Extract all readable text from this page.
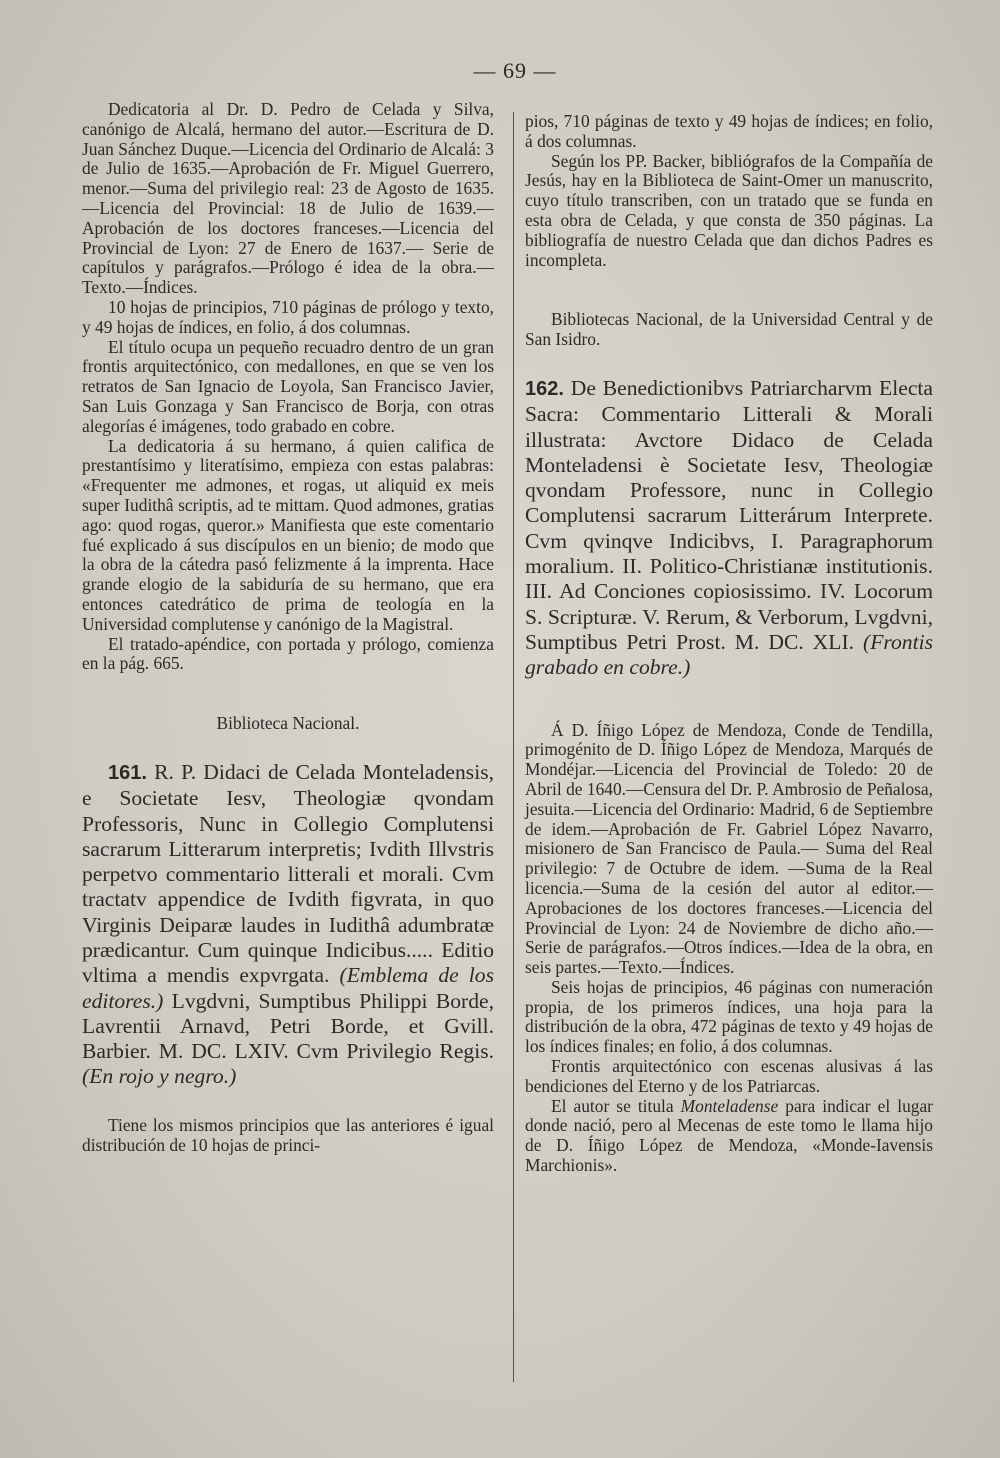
— 69 —

Dedicatoria al Dr. D. Pedro de Celada y Silva, canónigo de Alcalá, hermano del autor.—Escritura de D. Juan Sánchez Duque.—Licencia del Ordinario de Alcalá: 3 de Julio de 1635.—Aprobación de Fr. Miguel Guerrero, menor.—Suma del privilegio real: 23 de Agosto de 1635.—Licencia del Provincial: 18 de Julio de 1639.— Aprobación de los doctores franceses.—Licencia del Provincial de Lyon: 27 de Enero de 1637.— Serie de capítulos y parágrafos.—Prólogo é idea de la obra.—Texto.—Índices.

10 hojas de principios, 710 páginas de prólogo y texto, y 49 hojas de índices, en folio, á dos columnas.

El título ocupa un pequeño recuadro dentro de un gran frontis arquitectónico, con medallones, en que se ven los retratos de San Ignacio de Loyola, San Francisco Javier, San Luis Gonzaga y San Francisco de Borja, con otras alegorías é imágenes, todo grabado en cobre.

La dedicatoria á su hermano, á quien califica de prestantísimo y literatísimo, empieza con estas palabras: «Frequenter me admones, et rogas, ut aliquid ex meis super Iudithâ scriptis, ad te mittam. Quod admones, gratias ago: quod rogas, queror.» Manifiesta que este comentario fué explicado á sus discípulos en un bienio; de modo que la obra de la cátedra pasó felizmente á la imprenta. Hace grande elogio de la sabiduría de su hermano, que era entonces catedrático de prima de teología en la Universidad complutense y canónigo de la Magistral.

El tratado-apéndice, con portada y prólogo, comienza en la pág. 665.

Biblioteca Nacional.

161. R. P. Didaci de Celada Monteladensis, e Societate Iesv, Theologiæ qvondam Professoris, Nunc in Collegio Complutensi sacrarum Litterarum interpretis; Ivdith Illvstris perpetvo commentario litterali et morali. Cvm tractatv appendice de Ivdith figvrata, in quo Virginis Deiparæ laudes in Iudithâ adumbratæ prædicantur. Cum quinque Indicibus..... Editio vltima a mendis expvrgata. (Emblema de los editores.) Lvgdvni, Sumptibus Philippi Borde, Lavrentii Arnavd, Petri Borde, et Gvill. Barbier. M. DC. LXIV. Cvm Privilegio Regis. (En rojo y negro.)

Tiene los mismos principios que las anteriores é igual distribución de 10 hojas de princi-

pios, 710 páginas de texto y 49 hojas de índices; en folio, á dos columnas.

Según los PP. Backer, bibliógrafos de la Compañía de Jesús, hay en la Biblioteca de Saint-Omer un manuscrito, cuyo título transcriben, con un tratado que se funda en esta obra de Celada, y que consta de 350 páginas. La bibliografía de nuestro Celada que dan dichos Padres es incompleta.

Bibliotecas Nacional, de la Universidad Central y de San Isidro.

162. De Benedictionibvs Patriarcharvm Electa Sacra: Commentario Litterali & Morali illustrata: Avctore Didaco de Celada Monteladensi è Societate Iesv, Theologiæ qvondam Professore, nunc in Collegio Complutensi sacrarum Litterárum Interprete. Cvm qvinqve Indicibvs, I. Paragraphorum moralium. II. Politico-Christianæ institutionis. III. Ad Conciones copiosissimo. IV. Locorum S. Scripturæ. V. Rerum, & Verborum, Lvgdvni, Sumptibus Petri Prost. M. DC. XLI. (Frontis grabado en cobre.)

Á D. Íñigo López de Mendoza, Conde de Tendilla, primogénito de D. Íñigo López de Mendoza, Marqués de Mondéjar.—Licencia del Provincial de Toledo: 20 de Abril de 1640.—Censura del Dr. P. Ambrosio de Peñalosa, jesuita.—Licencia del Ordinario: Madrid, 6 de Septiembre de idem.—Aprobación de Fr. Gabriel López Navarro, misionero de San Francisco de Paula.— Suma del Real privilegio: 7 de Octubre de idem. —Suma de la Real licencia.—Suma de la cesión del autor al editor.—Aprobaciones de los doctores franceses.—Licencia del Provincial de Lyon: 24 de Noviembre de dicho año.—Serie de parágrafos.—Otros índices.—Idea de la obra, en seis partes.—Texto.—Índices.

Seis hojas de principios, 46 páginas con numeración propia, de los primeros índices, una hoja para la distribución de la obra, 472 páginas de texto y 49 hojas de los índices finales; en folio, á dos columnas.

Frontis arquitectónico con escenas alusivas á las bendiciones del Eterno y de los Patriarcas.

El autor se titula Monteladense para indicar el lugar donde nació, pero al Mecenas de este tomo le llama hijo de D. Íñigo López de Mendoza, «Monde-Iavensis Marchionis».
